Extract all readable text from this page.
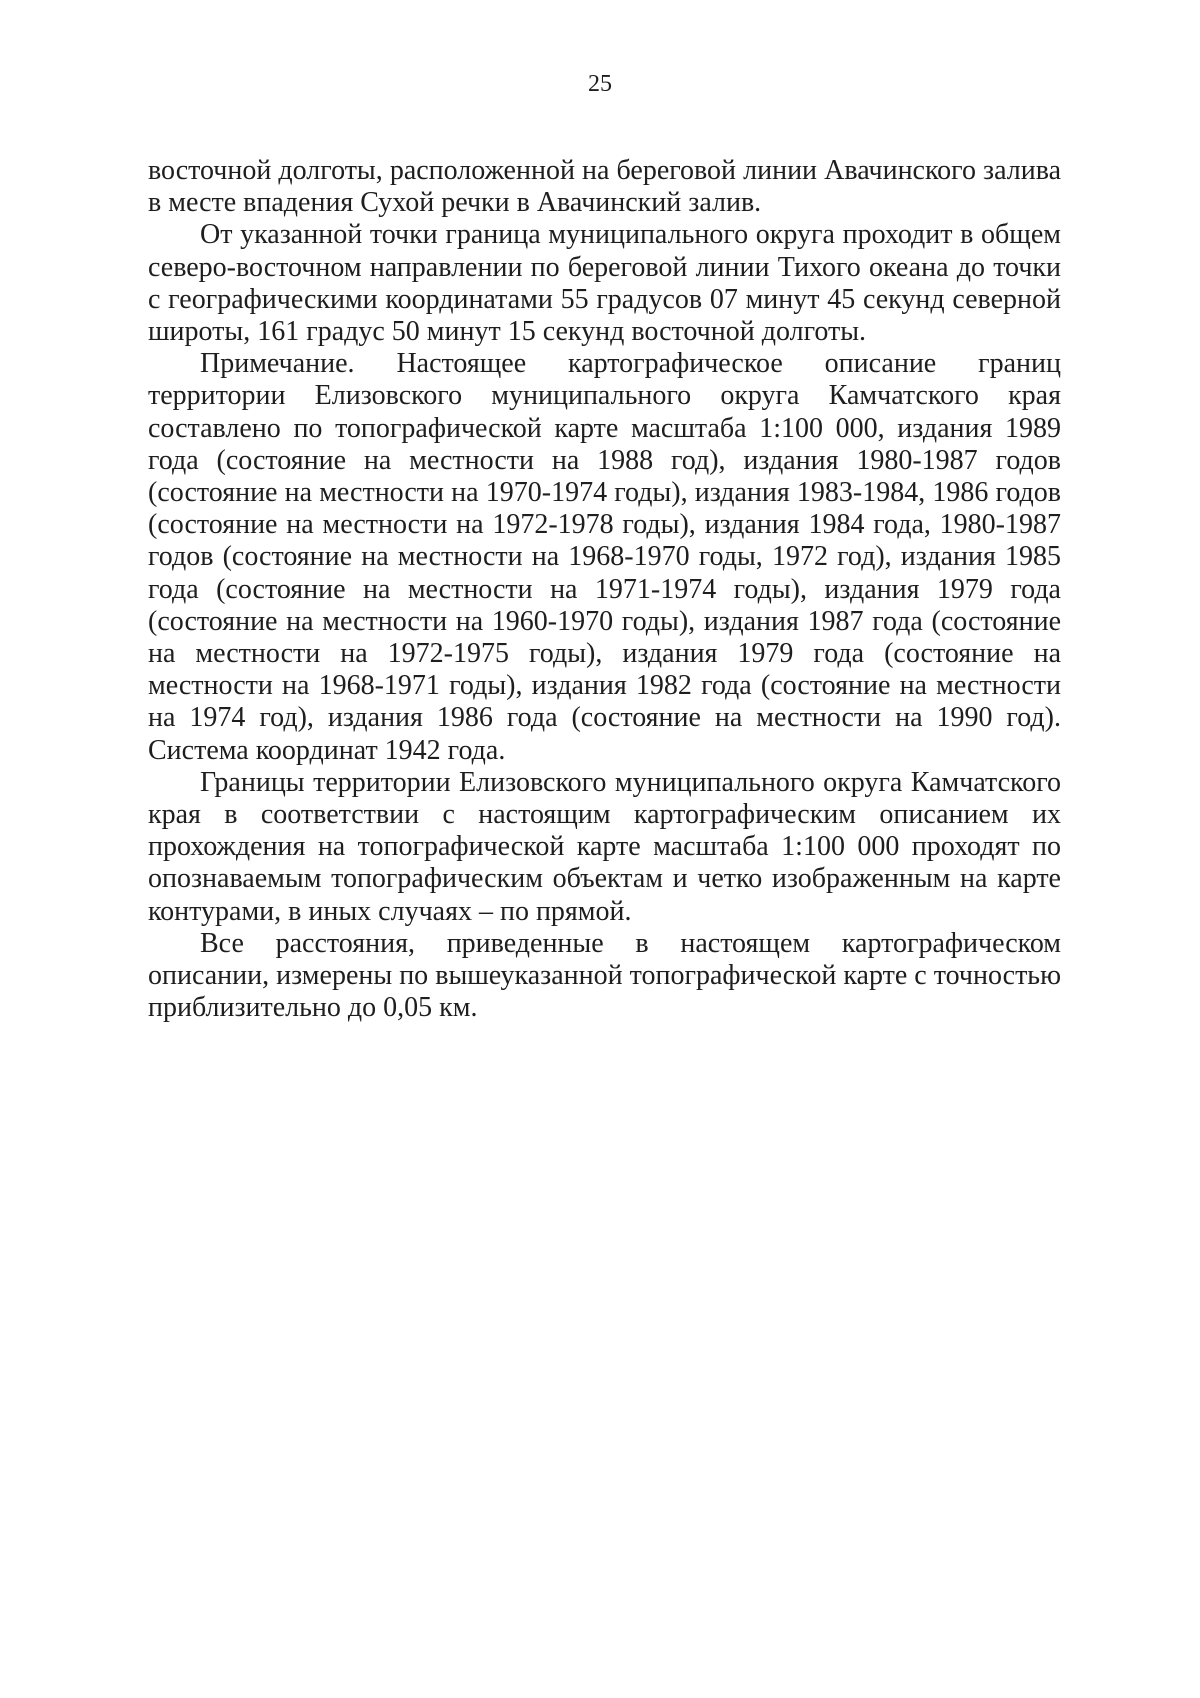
25

восточной долготы, расположенной на береговой линии Авачинского залива в месте впадения Сухой речки в Авачинский залив.

От указанной точки граница муниципального округа проходит в общем северо-восточном направлении по береговой линии Тихого океана до точки с географическими координатами 55 градусов 07 минут 45 секунд северной широты, 161 градус 50 минут 15 секунд восточной долготы.

Примечание. Настоящее картографическое описание границ территории Елизовского муниципального округа Камчатского края составлено по топографической карте масштаба 1:100 000, издания 1989 года (состояние на местности на 1988 год), издания 1980-1987 годов (состояние на местности на 1970-1974 годы), издания 1983-1984, 1986 годов (состояние на местности на 1972-1978 годы), издания 1984 года, 1980-1987 годов (состояние на местности на 1968-1970 годы, 1972 год), издания 1985 года (состояние на местности на 1971-1974 годы), издания 1979 года (состояние на местности на 1960-1970 годы), издания 1987 года (состояние на местности на 1972-1975 годы), издания 1979 года (состояние на местности на 1968-1971 годы), издания 1982 года (состояние на местности на 1974 год), издания 1986 года (состояние на местности на 1990 год). Система координат 1942 года.

Границы территории Елизовского муниципального округа Камчатского края в соответствии с настоящим картографическим описанием их прохождения на топографической карте масштаба 1:100 000 проходят по опознаваемым топографическим объектам и четко изображенным на карте контурами, в иных случаях – по прямой.

Все расстояния, приведенные в настоящем картографическом описании, измерены по вышеуказанной топографической карте с точностью приблизительно до 0,05 км.
